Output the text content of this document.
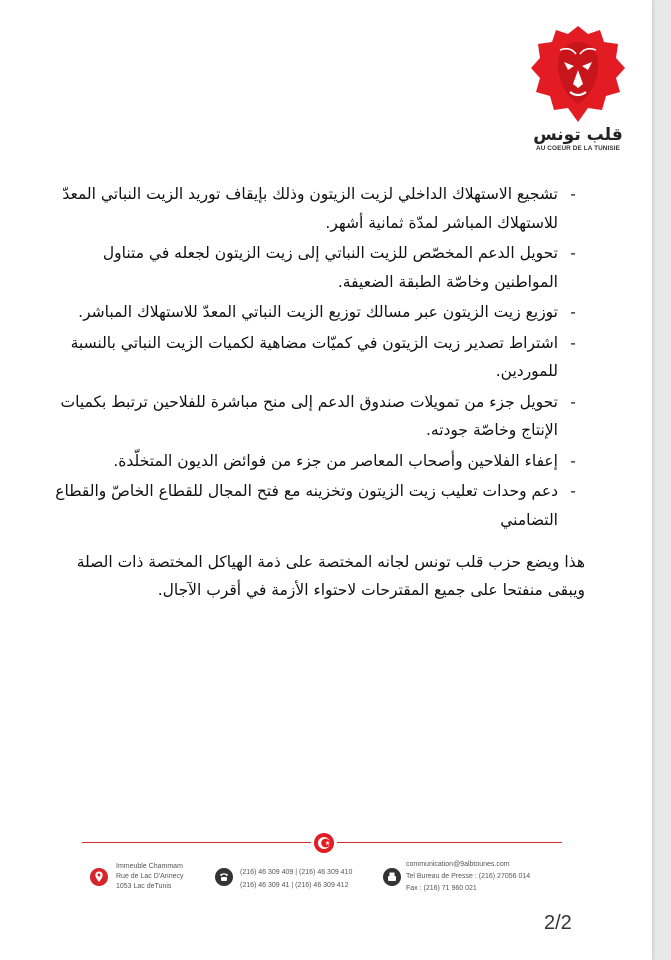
قلب تونس
AU COEUR DE LA TUNISIE
-
تشجيع الاستهلاك الداخلي لزيت الزيتون وذلك بإيقاف توريد الزيت النباتي المعدّ للاستهلاك المباشر لمدّة ثمانية أشهر.
-
تحويل الدعم المخصّص للزيت النباتي إلى زيت الزيتون لجعله في متناول المواطنين وخاصّة الطبقة الضعيفة.
-
توزيع زيت الزيتون عبر مسالك توزيع الزيت النباتي المعدّ للاستهلاك المباشر.
-
اشتراط تصدير زيت الزيتون في كميّات مضاهية لكميات الزيت النباتي بالنسبة للموردين.
-
تحويل جزء من تمويلات صندوق الدعم إلى منح مباشرة للفلاحين ترتبط بكميات الإنتاج وخاصّة جودته.
-
إعفاء الفلاحين وأصحاب المعاصر من جزء من فوائض الديون المتخلّدة.
-
دعم وحدات تعليب زيت الزيتون وتخزينه مع فتح المجال للقطاع الخاصّ والقطاع التضامني
هذا ويضع حزب قلب تونس لجانه المختصة على ذمة الهياكل المختصة ذات الصلة ويبقى منفتحا على جميع المقترحات لاحتواء الأزمة في أقرب الآجال.
Immeuble Chammam
Rue de Lac D'Annecy
1053 Lac deTunis
(216) 46 309 409 | (216) 46 309 410
(216) 46 309 41 | (216) 46 309 412
communication@9albtounes.com
Tel Bureau de Presse : (216) 27056 014
Fax : (216) 71 960 021
2/2
